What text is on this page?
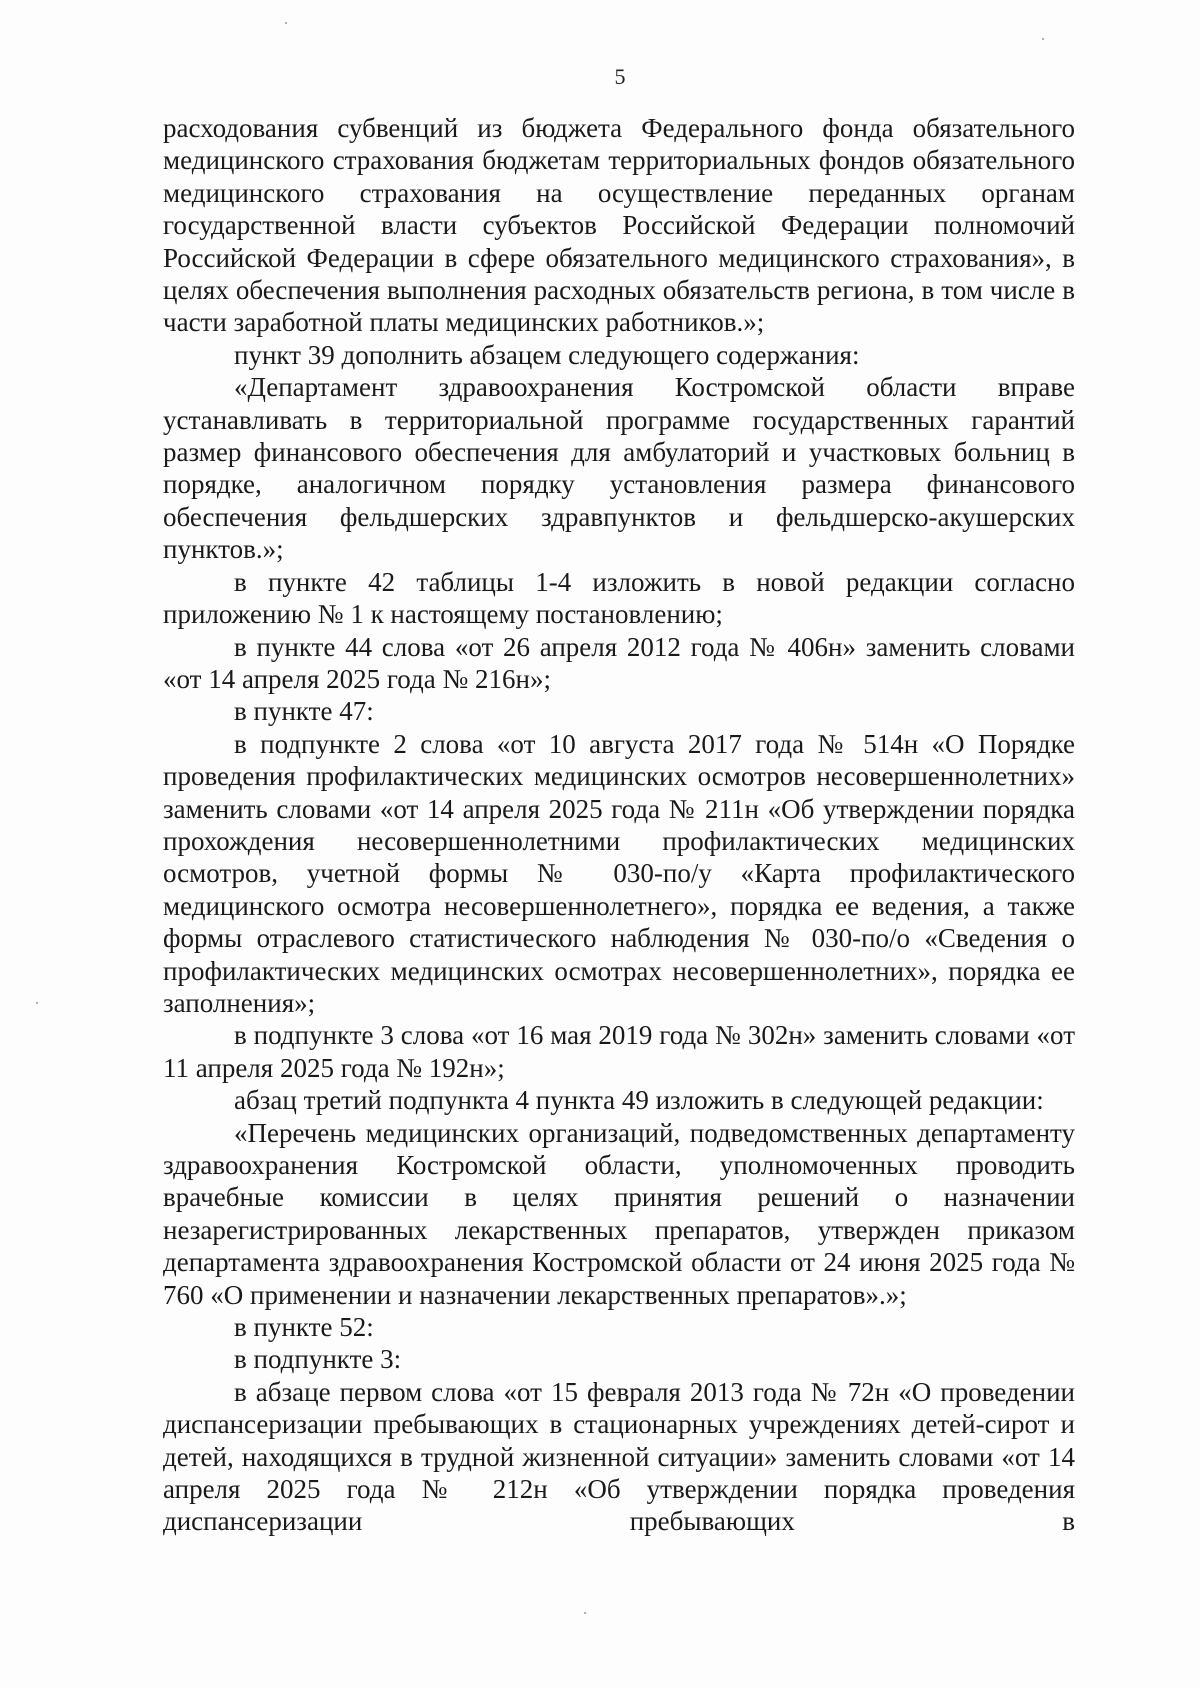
5

расходования субвенций из бюджета Федерального фонда обязательного медицинского страхования бюджетам территориальных фондов обязательного медицинского страхования на осуществление переданных органам государственной власти субъектов Российской Федерации полномочий Российской Федерации в сфере обязательного медицинского страхования», в целях обеспечения выполнения расходных обязательств региона, в том числе в части заработной платы медицинских работников.»;

пункт 39 дополнить абзацем следующего содержания:

«Департамент здравоохранения Костромской области вправе устанавливать в территориальной программе государственных гарантий размер финансового обеспечения для амбулаторий и участковых больниц в порядке, аналогичном порядку установления размера финансового обеспечения фельдшерских здравпунктов и фельдшерско-акушерских пунктов.»;

в пункте 42 таблицы 1-4 изложить в новой редакции согласно приложению № 1 к настоящему постановлению;

в пункте 44 слова «от 26 апреля 2012 года № 406н» заменить словами «от 14 апреля 2025 года № 216н»;

в пункте 47:

в подпункте 2 слова «от 10 августа 2017 года № 514н «О Порядке проведения профилактических медицинских осмотров несовершеннолетних» заменить словами «от 14 апреля 2025 года № 211н «Об утверждении порядка прохождения несовершеннолетними профилактических медицинских осмотров, учетной формы № 030-по/у «Карта профилактического медицинского осмотра несовершеннолетнего», порядка ее ведения, а также формы отраслевого статистического наблюдения № 030-по/о «Сведения о профилактических медицинских осмотрах несовершеннолетних», порядка ее заполнения»;

в подпункте 3 слова «от 16 мая 2019 года № 302н» заменить словами «от 11 апреля 2025 года № 192н»;

абзац третий подпункта 4 пункта 49 изложить в следующей редакции:

«Перечень медицинских организаций, подведомственных департаменту здравоохранения Костромской области, уполномоченных проводить врачебные комиссии в целях принятия решений о назначении незарегистрированных лекарственных препаратов, утвержден приказом департамента здравоохранения Костромской области от 24 июня 2025 года № 760 «О применении и назначении лекарственных препаратов».»;

в пункте 52:

в подпункте 3:

в абзаце первом слова «от 15 февраля 2013 года № 72н «О проведении диспансеризации пребывающих в стационарных учреждениях детей-сирот и детей, находящихся в трудной жизненной ситуации» заменить словами «от 14 апреля 2025 года № 212н «Об утверждении порядка проведения диспансеризации пребывающих в
